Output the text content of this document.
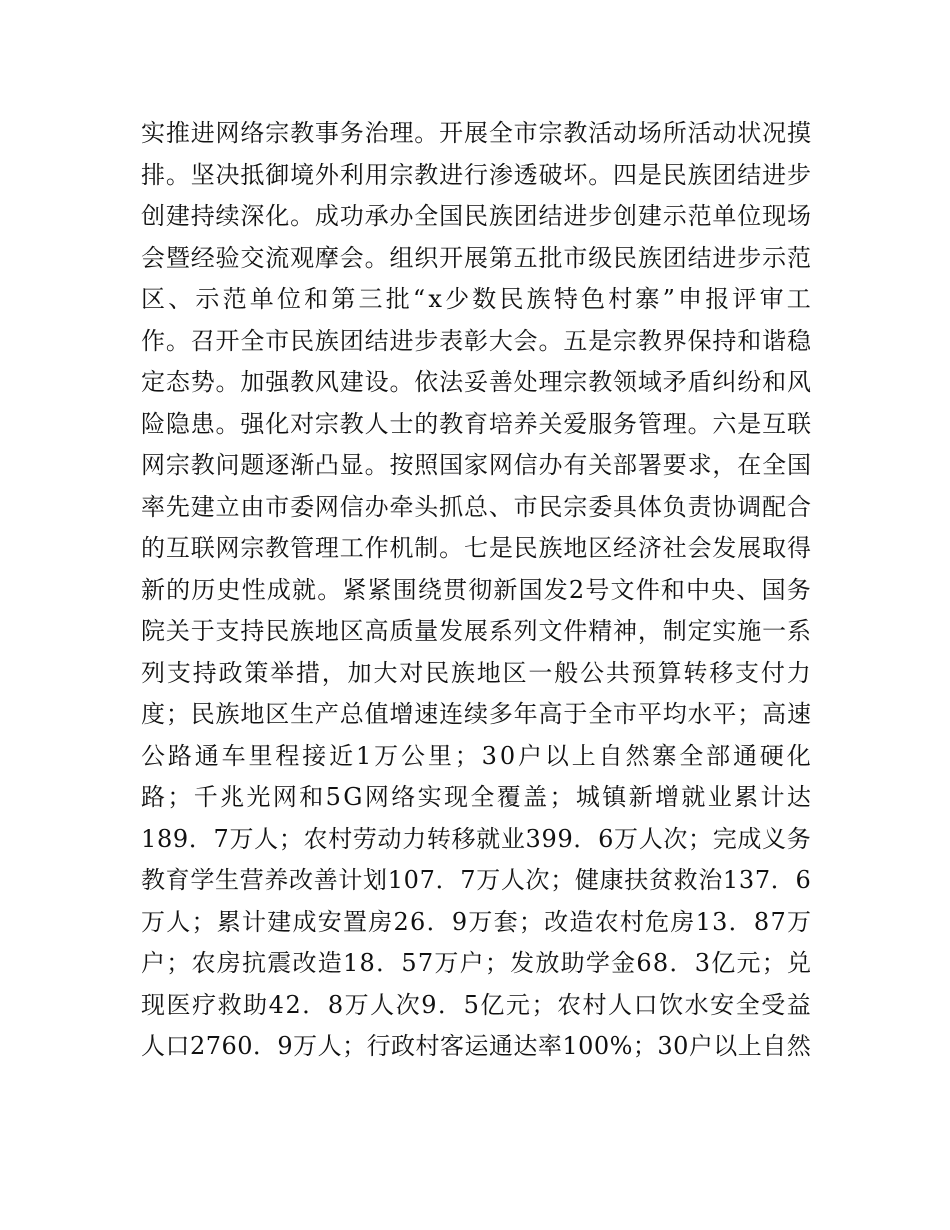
实 推 进 网 络 宗 教 事 务 治 理 。 开 展 全 市 宗 教 活 动 场 所 活 动 状 况 摸
排 。 坚 决 抵 御 境 外 利 用 宗 教 进 行 渗 透 破 坏 。 四 是 民 族 团 结 进 步
创 建 持 续 深 化 。 成 功 承 办 全 国 民 族 团 结 进 步 创 建 示 范 单 位 现 场
会 暨 经 验 交 流 观 摩 会 。 组 织 开 展 第 五 批 市 级 民 族 团 结 进 步 示 范
区 、 示 范 单 位 和 第 三 批 “ x 少 数 民 族 特 色 村 寨 ” 申 报 评 审 工
作 。 召 开 全 市 民 族 团 结 进 步 表 彰 大 会 。 五 是 宗 教 界 保 持 和 谐 稳
定 态 势 。 加 强 教 风 建 设 。 依 法 妥 善 处 理 宗 教 领 域 矛 盾 纠 纷 和 风
险 隐 患 。 强 化 对 宗 教 人 士 的 教 育 培 养 关 爱 服 务 管 理 。 六 是 互 联
网 宗 教 问 题 逐 渐 凸 显 。 按 照 国 家 网 信 办 有 关 部 署 要 求 ， 在 全 国
率 先 建 立 由 市 委 网 信 办 牵 头 抓 总 、 市 民 宗 委 具 体 负 责 协 调 配 合
的 互 联 网 宗 教 管 理 工 作 机 制 。 七 是 民 族 地 区 经 济 社 会 发 展 取 得
新 的 历 史 性 成 就 。 紧 紧 围 绕 贯 彻 新 国 发 2 号 文 件 和 中 央 、 国 务
院 关 于 支 持 民 族 地 区 高 质 量 发 展 系 列 文 件 精 神 ， 制 定 实 施 一 系
列 支 持 政 策 举 措 ， 加 大 对 民 族 地 区 一 般 公 共 预 算 转 移 支 付 力
度 ； 民 族 地 区 生 产 总 值 增 速 连 续 多 年 高 于 全 市 平 均 水 平 ； 高 速
公 路 通 车 里 程 接 近 1 万 公 里 ； 3 0 户 以 上 自 然 寨 全 部 通 硬 化
路 ； 千 兆 光 网 和 5 G 网 络 实 现 全 覆 盖 ； 城 镇 新 增 就 业 累 计 达
1 8 9 ． 7 万 人 ； 农 村 劳 动 力 转 移 就 业 3 9 9 ． 6 万 人 次 ； 完 成 义 务
教 育 学 生 营 养 改 善 计 划 1 0 7 ． 7 万 人 次 ； 健 康 扶 贫 救 治 1 3 7 ． 6
万 人 ； 累 计 建 成 安 置 房 2 6 ． 9 万 套 ； 改 造 农 村 危 房 1 3 ． 8 7 万
户 ； 农 房 抗 震 改 造 1 8 ． 5 7 万 户 ； 发 放 助 学 金 6 8 ． 3 亿 元 ； 兑
现 医 疗 救 助 4 2 ． 8 万 人 次 9 ． 5 亿 元 ； 农 村 人 口 饮 水 安 全 受 益
人 口 2 7 6 0 ． 9 万 人 ； 行 政 村 客 运 通 达 率 1 0 0 % ； 3 0 户 以 上 自 然
